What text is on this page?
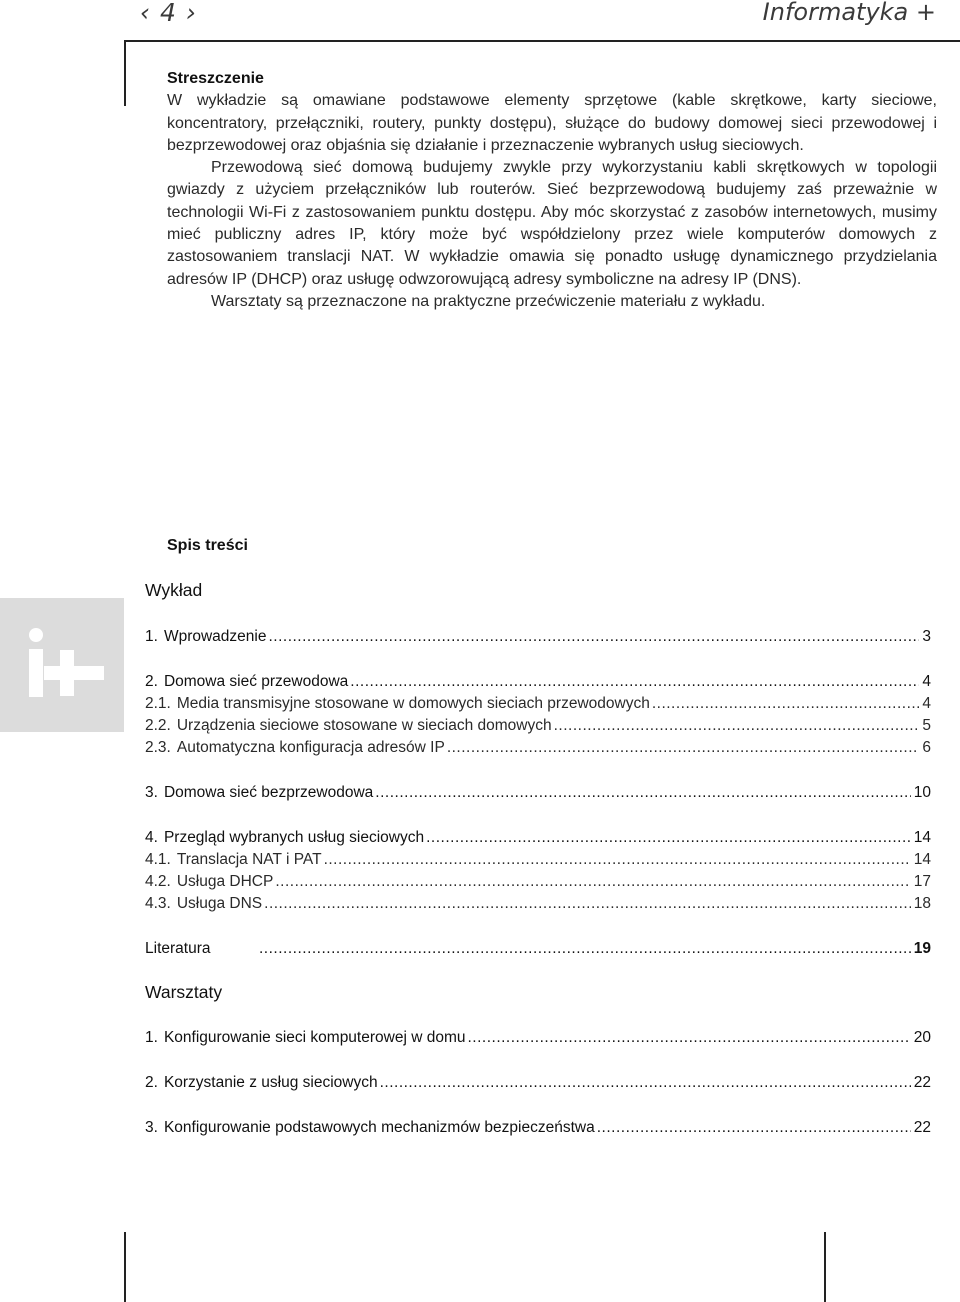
‹ 4 ›	Informatyka +
Streszczenie

W wykładzie są omawiane podstawowe elementy sprzętowe (kable skrętkowe, karty sieciowe, koncentratory, przełączniki, routery, punkty dostępu), służące do budowy domowej sieci przewodowej i bezprzewodowej oraz objaśnia się działanie i przeznaczenie wybranych usług sieciowych.

Przewodową sieć domową budujemy zwykle przy wykorzystaniu kabli skrętkowych w topologii gwiazdy z użyciem przełączników lub routerów. Sieć bezprzewodową budujemy zaś przeważnie w technologii Wi-Fi z zastosowaniem punktu dostępu. Aby móc skorzystać z zasobów internetowych, musimy mieć publiczny adres IP, który może być współdzielony przez wiele komputerów domowych z zastosowaniem translacji NAT. W wykładzie omawia się ponadto usługę dynamicznego przydzielania adresów IP (DHCP) oraz usługę odwzorowującą adresy symboliczne na adresy IP (DNS).

Warsztaty są przeznaczone na praktyczne przećwiczenie materiału z wykładu.

Spis treści
Wykład
1. Wprowadzenie .....	3
2. Domowa sieć przewodowa .....	4
2.1. Media transmisyjne stosowane w domowych sieciach przewodowych .....	4
2.2. Urządzenia sieciowe stosowane w sieciach domowych .....	5
2.3. Automatyczna konfiguracja adresów IP .....	6
3. Domowa sieć bezprzewodowa .....	10
4. Przegląd wybranych usług sieciowych .....	14
4.1. Translacja NAT i PAT .....	14
4.2. Usługa DHCP .....	17
4.3. Usługa DNS .....	18
Literatura .....	19
Warsztaty
1. Konfigurowanie sieci komputerowej w domu .....	20
2. Korzystanie z usług sieciowych .....	22
3. Konfigurowanie podstawowych mechanizmów bezpieczeństwa .....	22
